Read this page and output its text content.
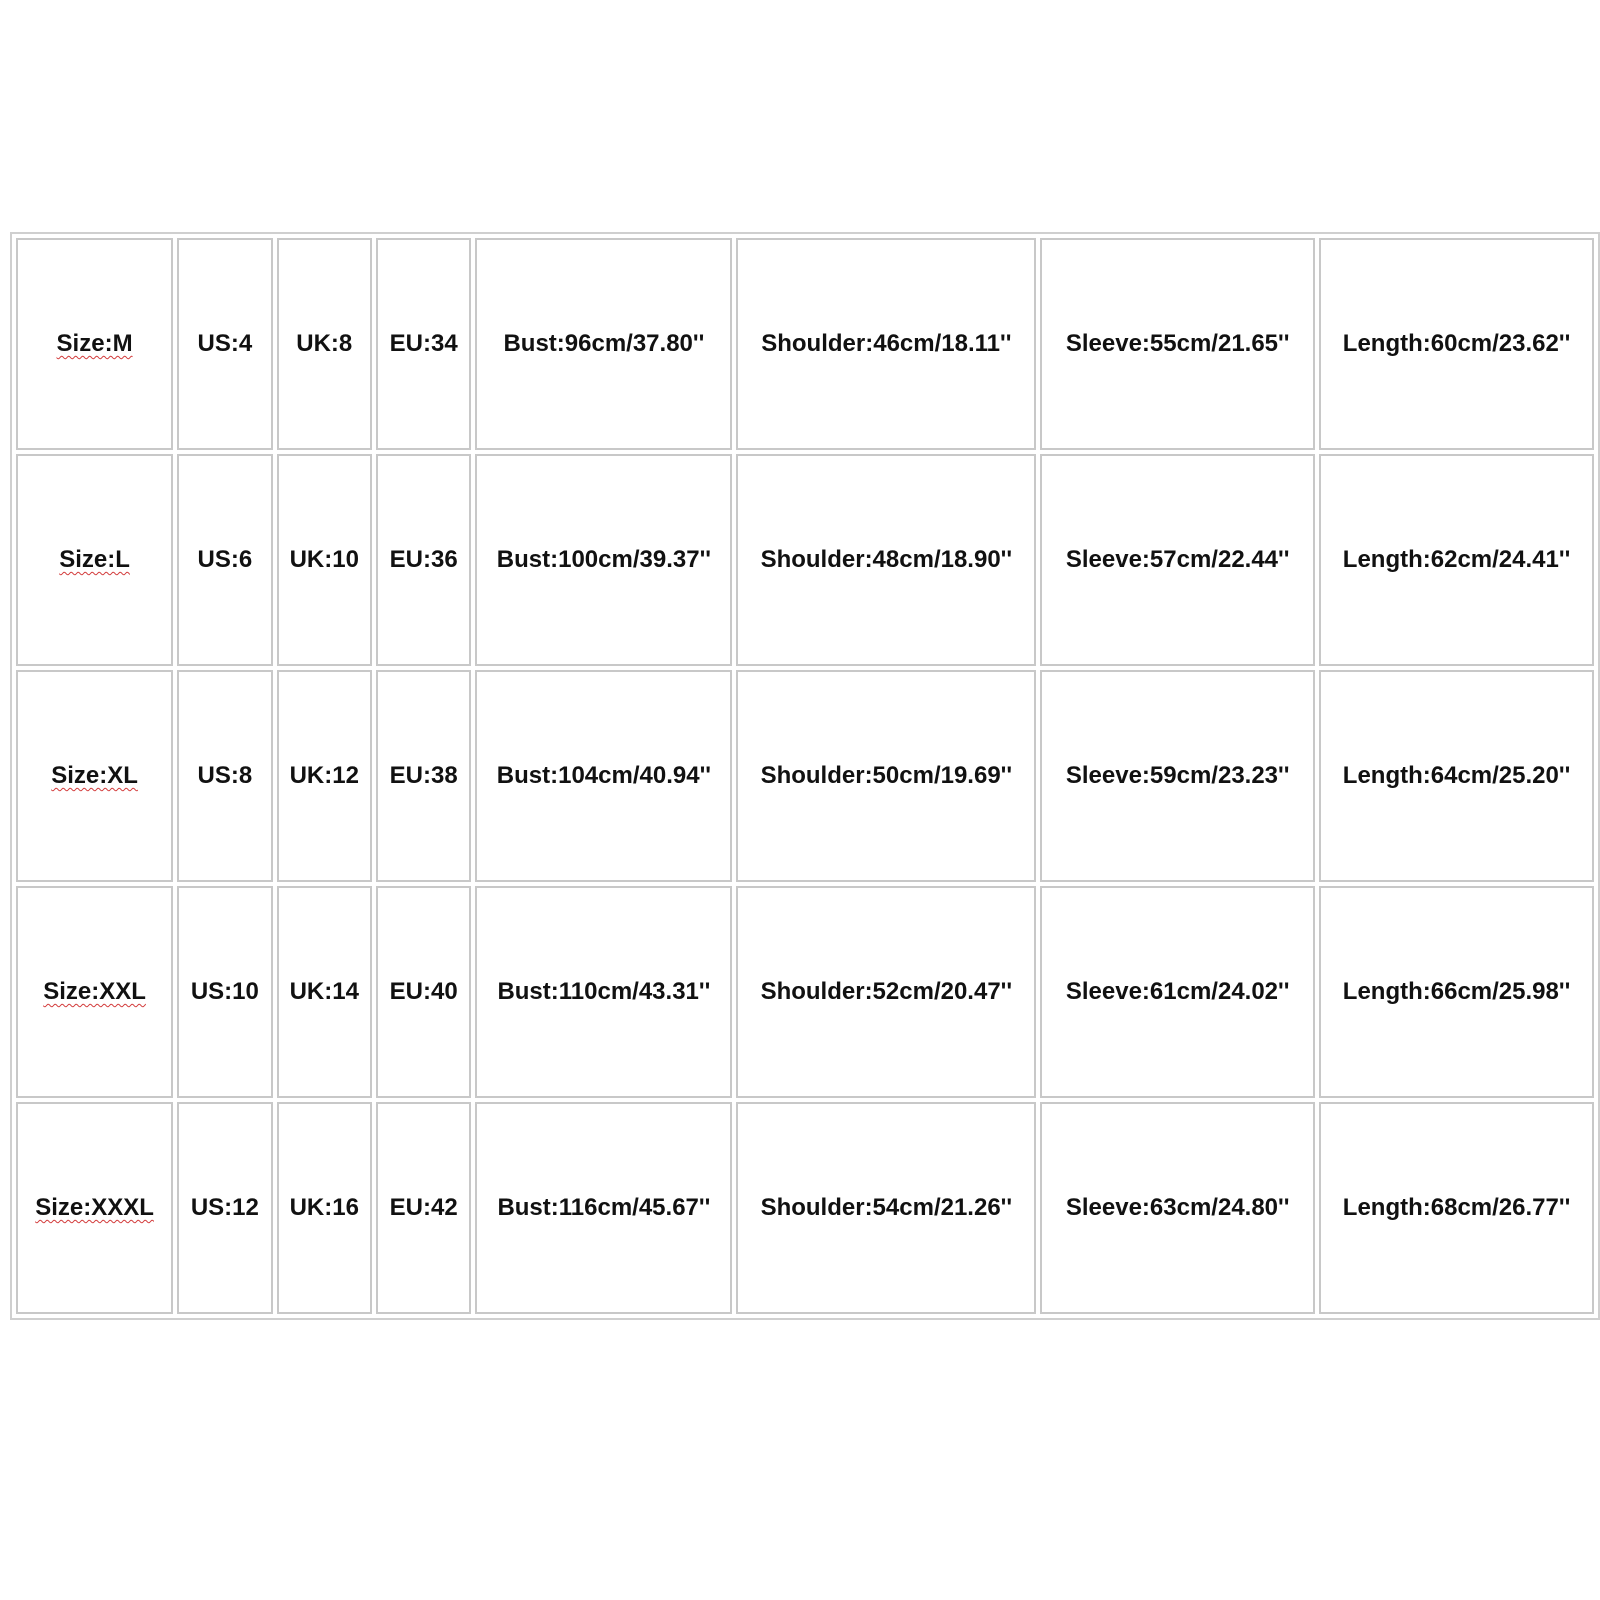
Size:M	US:4	UK:8	EU:34	Bust:96cm/37.80''	Shoulder:46cm/18.11''	Sleeve:55cm/21.65''	Length:60cm/23.62''
Size:L	US:6	UK:10	EU:36	Bust:100cm/39.37''	Shoulder:48cm/18.90''	Sleeve:57cm/22.44''	Length:62cm/24.41''
Size:XL	US:8	UK:12	EU:38	Bust:104cm/40.94''	Shoulder:50cm/19.69''	Sleeve:59cm/23.23''	Length:64cm/25.20''
Size:XXL	US:10	UK:14	EU:40	Bust:110cm/43.31''	Shoulder:52cm/20.47''	Sleeve:61cm/24.02''	Length:66cm/25.98''
Size:XXXL	US:12	UK:16	EU:42	Bust:116cm/45.67''	Shoulder:54cm/21.26''	Sleeve:63cm/24.80''	Length:68cm/26.77''
